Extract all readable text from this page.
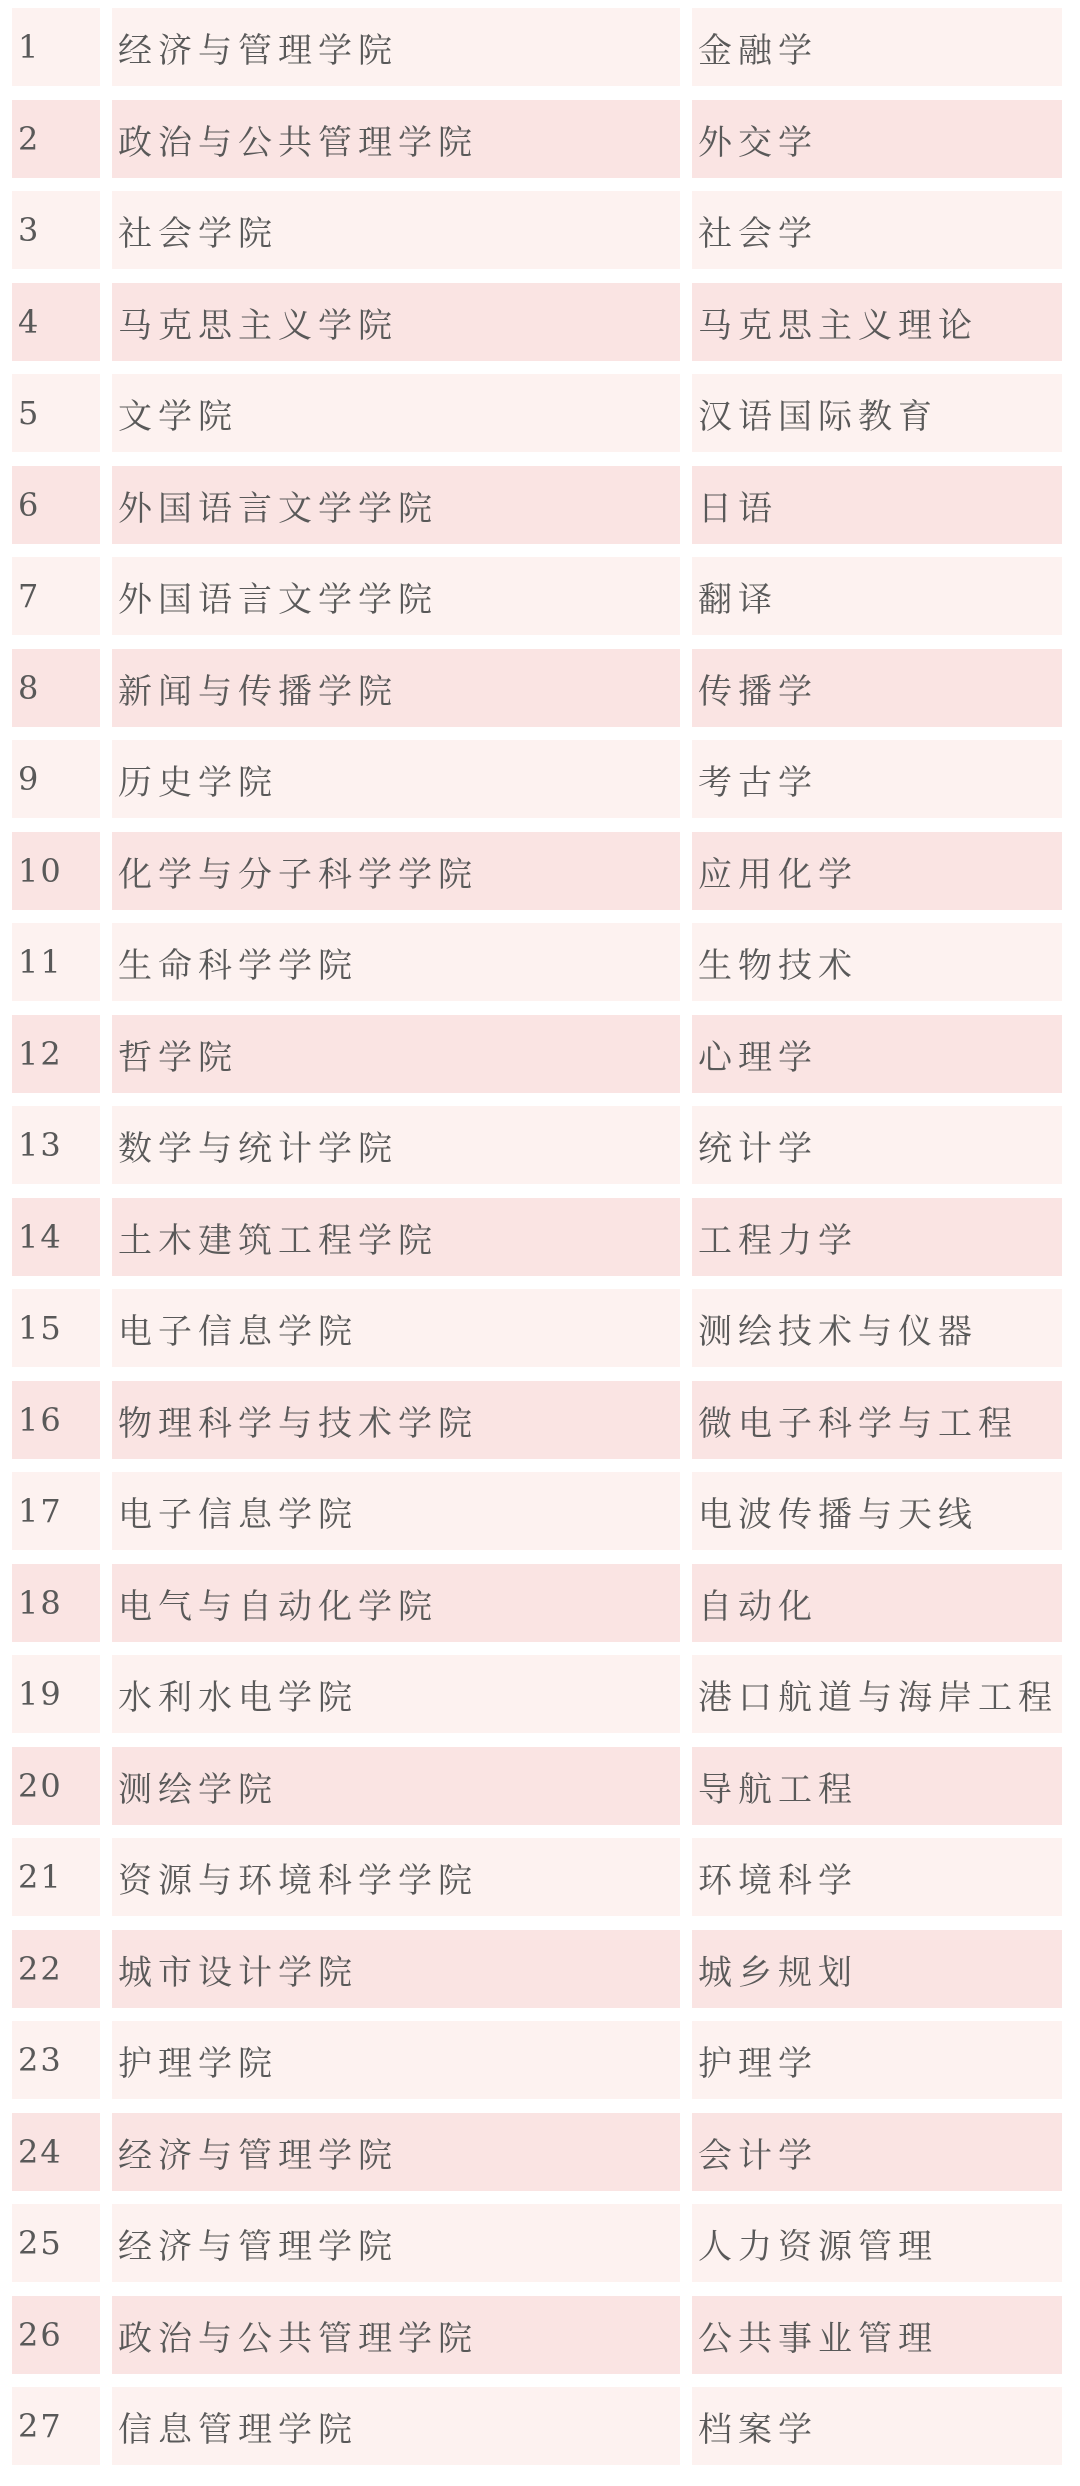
1	经济与管理学院	金融学
2	政治与公共管理学院	外交学
3	社会学院	社会学
4	马克思主义学院	马克思主义理论
5	文学院	汉语国际教育
6	外国语言文学学院	日语
7	外国语言文学学院	翻译
8	新闻与传播学院	传播学
9	历史学院	考古学
10	化学与分子科学学院	应用化学
11	生命科学学院	生物技术
12	哲学院	心理学
13	数学与统计学院	统计学
14	土木建筑工程学院	工程力学
15	电子信息学院	测绘技术与仪器
16	物理科学与技术学院	微电子科学与工程
17	电子信息学院	电波传播与天线
18	电气与自动化学院	自动化
19	水利水电学院	港口航道与海岸工程
20	测绘学院	导航工程
21	资源与环境科学学院	环境科学
22	城市设计学院	城乡规划
23	护理学院	护理学
24	经济与管理学院	会计学
25	经济与管理学院	人力资源管理
26	政治与公共管理学院	公共事业管理
27	信息管理学院	档案学
